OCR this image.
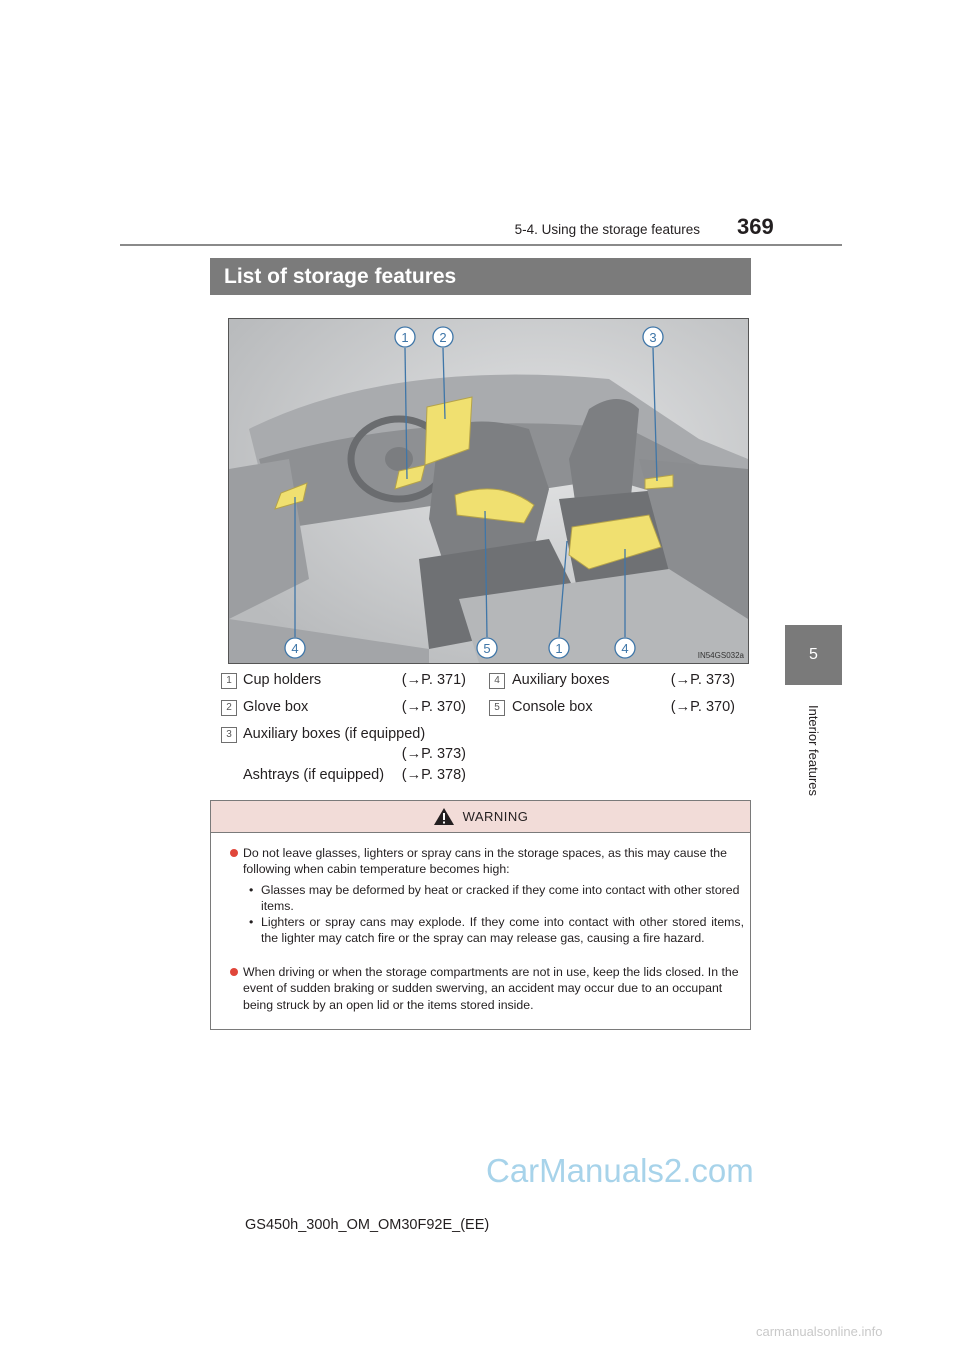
5-4. Using the storage features 369
5
Interior features
List of storage features
1 2	3
4	5	1	4	IN54GS032a
1 Cup holders	(→P. 371)
2 Glove box	(→P. 370)
3 Auxiliary boxes (if equipped)
(→P. 373)
Ashtrays (if equipped)	(→P. 378)
4 Auxiliary boxes	(→P. 373)
5 Console box	(→P. 370)
WARNING
Do not leave glasses, lighters or spray cans in the storage spaces, as this may cause the following when cabin temperature becomes high:
• Glasses may be deformed by heat or cracked if they come into contact with other stored items.
• Lighters or spray cans may explode. If they come into contact with other stored items, the lighter may catch fire or the spray can may release gas, causing a fire hazard.
When driving or when the storage compartments are not in use, keep the lids closed. In the event of sudden braking or sudden swerving, an accident may occur due to an occupant being struck by an open lid or the items stored inside.
GS450h_300h_OM_OM30F92E_(EE)
CarManuals2.com
carmanualsonline.info
